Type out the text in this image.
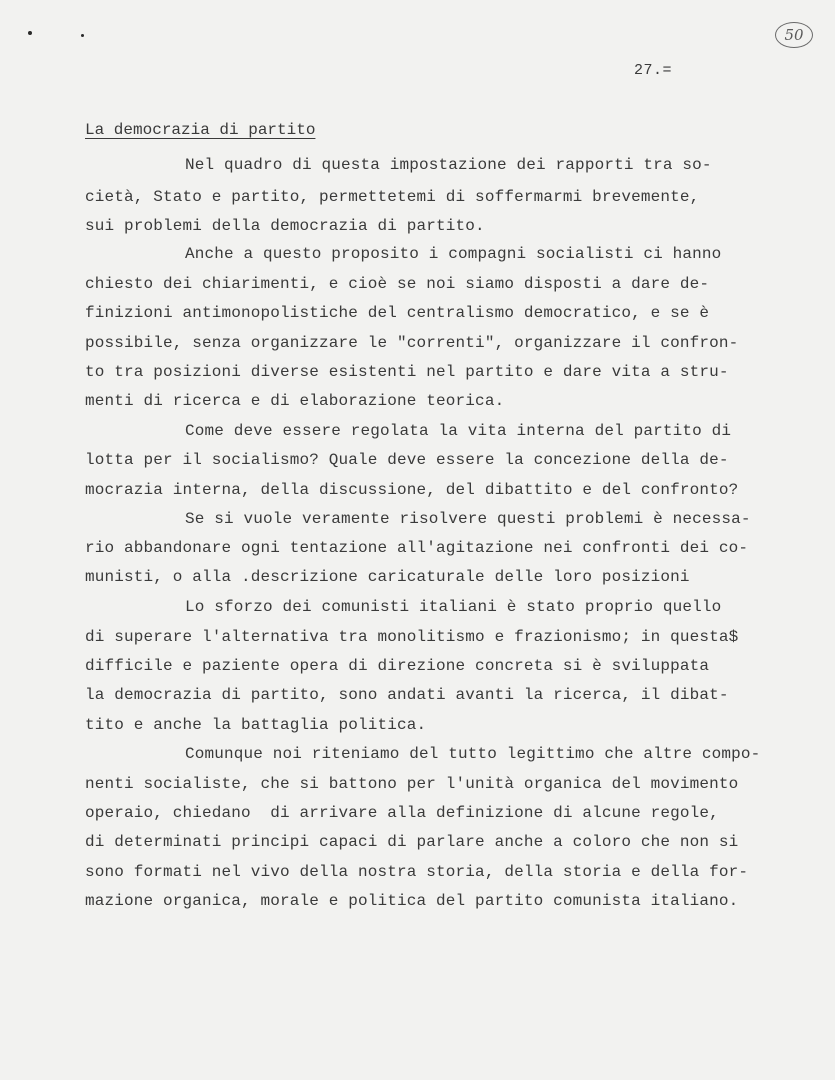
50
27.=
La democrazia di partito
Nel quadro di questa impostazione dei rapporti tra so-
cietà, Stato e partito, permettetemi di soffermarmi brevemente,
sui problemi della democrazia di partito.
Anche a questo proposito i compagni socialisti ci hanno
chiesto dei chiarimenti, e cioè se noi siamo disposti a dare de-
finizioni antimonopolistiche del centralismo democratico, e se è
possibile, senza organizzare le "correnti", organizzare il confron-
to tra posizioni diverse esistenti nel partito e dare vita a stru-
menti di ricerca e di elaborazione teorica.
Come deve essere regolata la vita interna del partito di
lotta per il socialismo? Quale deve essere la concezione della de-
mocrazia interna, della discussione, del dibattito e del confronto?
Se si vuole veramente risolvere questi problemi è necessa-
rio abbandonare ogni tentazione all'agitazione nei confronti dei co-
munisti, o alla .descrizione caricaturale delle loro posizioni
Lo sforzo dei comunisti italiani è stato proprio quello
di superare l'alternativa tra monolitismo e frazionismo; in questa$
difficile e paziente opera di direzione concreta si è sviluppata
la democrazia di partito, sono andati avanti la ricerca, il dibat-
tito e anche la battaglia politica.
Comunque noi riteniamo del tutto legittimo che altre compo-
nenti socialiste, che si battono per l'unità organica del movimento
operaio, chiedano  di arrivare alla definizione di alcune regole,
di determinati principi capaci di parlare anche a coloro che non si
sono formati nel vivo della nostra storia, della storia e della for-
mazione organica, morale e politica del partito comunista italiano.
